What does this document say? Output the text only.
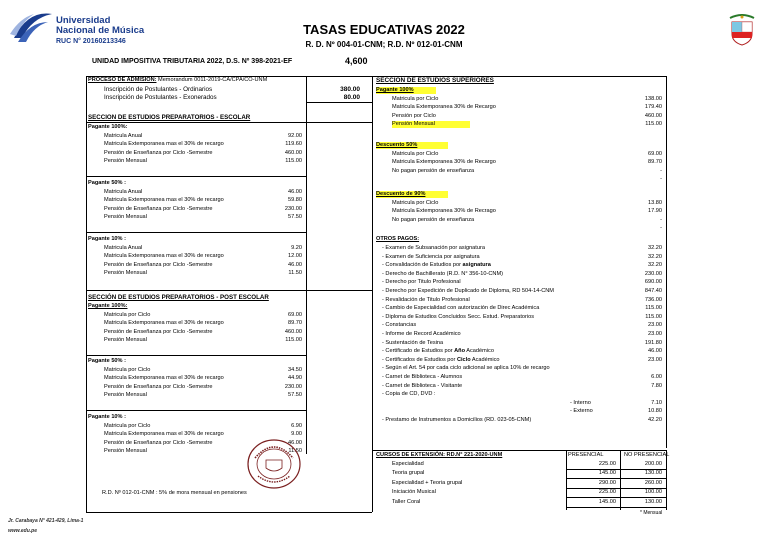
Universidad
Nacional de Música
RUC N° 20160213346
TASAS EDUCATIVAS 2022
R. D. Nº 004-01-CNM; R.D. Nº 012-01-CNM
UNIDAD IMPOSITIVA TRIBUTARIA 2022, D.S. Nº 398-2021-EF	4,600
PROCESO DE ADMISIÓN: Memorandum 0011-2019-CA/CPA/CO-UNM
Inscripción de Postulantes - Ordinarios	380.00
Inscripción de Postulantes - Exonerados	80.00
SECCION DE ESTUDIOS PREPARATORIOS - ESCOLAR
Pagante 100%:
Matricula Anual	92.00
Matricula Extemporanea mas el 30% de recargo	119.60
Pensión de Enseñanza por Ciclo -Semestre	460.00
Pensión Mensual	115.00
Pagante 50% :
Matricula Anual	46.00
Matricula Extemporanea mas el 30% de recargo	59.80
Pensión de Enseñanza por Ciclo -Semestre	230.00
Pensión Mensual	57.50
Pagante 10% :
Matricula Anual	9.20
Matricula Extemporanea mas el 30% de recargo	12.00
Pensión de Enseñanza por Ciclo -Semestre	46.00
Pensión Mensual	11.50
SECCIÓN DE ESTUDIOS PREPARATORIOS - POST ESCOLAR
Pagante 100%:
Matricula por Ciclo	69.00
Matricula Extemporanea mas el 30% de recargo	89.70
Pensión de Enseñanza por Ciclo -Semestre	460.00
Pensión Mensual	115.00
Pagante 50% :
Matricula por Ciclo	34.50
Matricula Extemporanea mas el 30% de recargo	44.90
Pensión de Enseñanza por Ciclo -Semestre	230.00
Pensión Mensual	57.50
Pagante 10% :
Matricula por Ciclo	6.90
Matricula Extemporanea mas el 30% de recargo	9.00
Pensión de Enseñanza por Ciclo -Semestre	46.00
Pensión Mensual	11.50
R.D. Nº 012-01-CNM : 5% de mora mensual en pensiones
Jr. Carabaya N° 421-429, Lima-1
www.edu.pe
SECCIÓN DE ESTUDIOS SUPERIORES
Pagante 100%
Matricula por Ciclo	138.00
Matricula Extemporanea 30% de Recargo	179.40
Pensión por Ciclo	460.00
Pensión Mensual	115.00
Descuento 50%
Matricula por Ciclo	69.00
Matricula Extemporanea 30% de Recargo	89.70
No pagan pensión de enseñanza	-
-
Descuento de 90%
Matricula por Ciclo	13.80
Matricula Extemporanea 30% de Recrago	17.90
No pagan pensión de enseñanza	-
-
OTROS PAGOS:
- Examen de Subsanación por asignatura	32.20
- Examen de Suficiencia por asignatura	32.20
- Convalidación de Estudios por asignatura	32.20
- Derecho de Bachillerato (R.D. N° 356-10-CNM)	230.00
- Derecho por Titulo Profesional	690.00
- Derecho por Expedición de Duplicado de Diploma, RD 504-14-CNM	847.40
- Revalidación de Titulo Profesional	736.00
- Cambio de Especialidad con autorización de Direc Académica	115.00
- Diploma de Estudios Concluidos Secc. Estud. Preparatorios	115.00
- Constancias	23.00
- Informe de Record Académico	23.00
- Sustentación de Tesina	191.80
- Certificado de Estudios por Año Académico	46.00
- Certificados de Estudios por Ciclo Académico	23.00
- Según el Art. 54 por cada ciclo adicional se aplica 10% de recargo
- Carnet de Biblioteca - Alumnos	6.00
- Carnet de Biblioteca - Visitante	7.80
- Copia de CD, DVD :
- Interno	7.10
- Externo	10.80
- Prestamo de Instrumentos a Domicilios (RD. 023-05-CNM)	42.20
CURSOS DE EXTENSIÓN: RD.N° 221-2020-UNM	PRESENCIAL	NO PRESENCIAL
Especialidad	225.00	200.00
Teoria grupal	145.00	130.00
Especialidad + Teoria grupal	290.00	260.00
Iniciación Musical	225.00	100.00
Taller Coral	145.00	130.00
* Mensual
